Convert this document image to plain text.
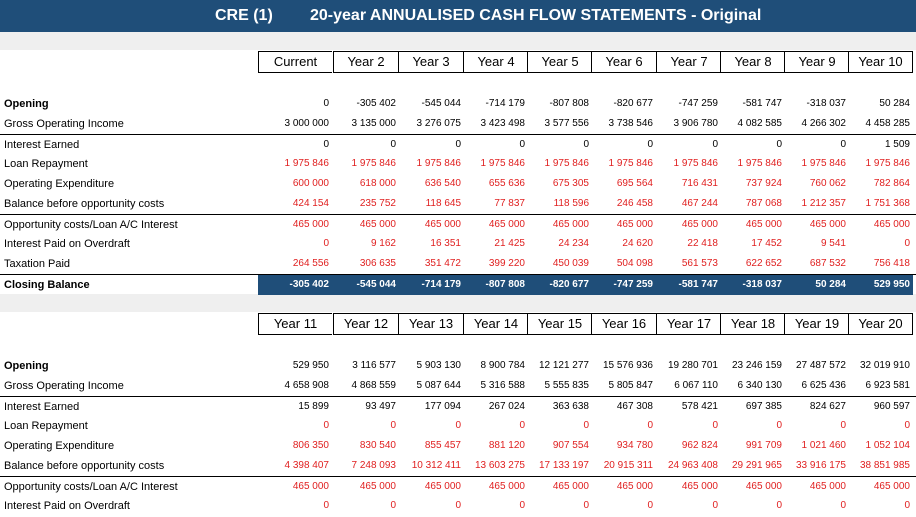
CRE (1) 20-year ANNUALISED CASH FLOW STATEMENTS - Original
Current	Year 2	Year 3	Year 4	Year 5	Year 6	Year 7	Year 8	Year 9	Year 10
Opening	0	-305 402	-545 044	-714 179	-807 808	-820 677	-747 259	-581 747	-318 037	50 284
Gross Operating Income	3 000 000	3 135 000	3 276 075	3 423 498	3 577 556	3 738 546	3 906 780	4 082 585	4 266 302	4 458 285
Interest Earned	0	0	0	0	0	0	0	0	0	1 509
Loan Repayment	1 975 846	1 975 846	1 975 846	1 975 846	1 975 846	1 975 846	1 975 846	1 975 846	1 975 846	1 975 846
Operating Expenditure	600 000	618 000	636 540	655 636	675 305	695 564	716 431	737 924	760 062	782 864
Balance before opportunity costs	424 154	235 752	118 645	77 837	118 596	246 458	467 244	787 068	1 212 357	1 751 368
Opportunity costs/Loan A/C Interest	465 000	465 000	465 000	465 000	465 000	465 000	465 000	465 000	465 000	465 000
Interest Paid on Overdraft	0	9 162	16 351	21 425	24 234	24 620	22 418	17 452	9 541	0
Taxation Paid	264 556	306 635	351 472	399 220	450 039	504 098	561 573	622 652	687 532	756 418
Closing Balance	-305 402	-545 044	-714 179	-807 808	-820 677	-747 259	-581 747	-318 037	50 284	529 950
Year 11	Year 12	Year 13	Year 14	Year 15	Year 16	Year 17	Year 18	Year 19	Year 20
Opening	529 950	3 116 577	5 903 130	8 900 784	12 121 277	15 576 936	19 280 701	23 246 159	27 487 572	32 019 910
Gross Operating Income	4 658 908	4 868 559	5 087 644	5 316 588	5 555 835	5 805 847	6 067 110	6 340 130	6 625 436	6 923 581
Interest Earned	15 899	93 497	177 094	267 024	363 638	467 308	578 421	697 385	824 627	960 597
Loan Repayment	0	0	0	0	0	0	0	0	0	0
Operating Expenditure	806 350	830 540	855 457	881 120	907 554	934 780	962 824	991 709	1 021 460	1 052 104
Balance before opportunity costs	4 398 407	7 248 093	10 312 411	13 603 275	17 133 197	20 915 311	24 963 408	29 291 965	33 916 175	38 851 985
Opportunity costs/Loan A/C Interest	465 000	465 000	465 000	465 000	465 000	465 000	465 000	465 000	465 000	465 000
Interest Paid on Overdraft	0	0	0	0	0	0	0	0	0	0
